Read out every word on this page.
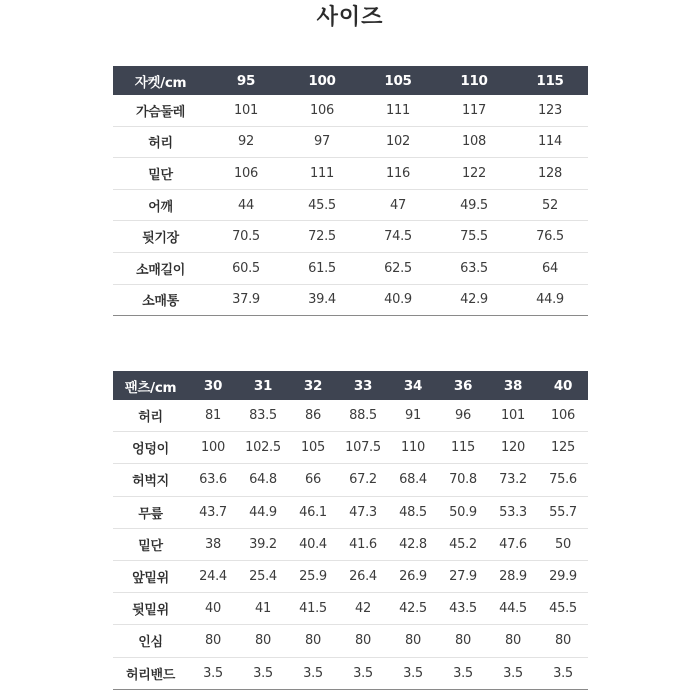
사이즈
자켓/cm	95	100	105	110	115
가슴둘레	101	106	111	117	123
허리	92	97	102	108	114
밑단	106	111	116	122	128
어깨	44	45.5	47	49.5	52
뒷기장	70.5	72.5	74.5	75.5	76.5
소매길이	60.5	61.5	62.5	63.5	64
소매통	37.9	39.4	40.9	42.9	44.9
팬츠/cm	30	31	32	33	34	36	38	40
허리	81	83.5	86	88.5	91	96	101	106
엉덩이	100	102.5	105	107.5	110	115	120	125
허벅지	63.6	64.8	66	67.2	68.4	70.8	73.2	75.6
무릎	43.7	44.9	46.1	47.3	48.5	50.9	53.3	55.7
밑단	38	39.2	40.4	41.6	42.8	45.2	47.6	50
앞밑위	24.4	25.4	25.9	26.4	26.9	27.9	28.9	29.9
뒷밑위	40	41	41.5	42	42.5	43.5	44.5	45.5
인심	80	80	80	80	80	80	80	80
허리밴드	3.5	3.5	3.5	3.5	3.5	3.5	3.5	3.5
